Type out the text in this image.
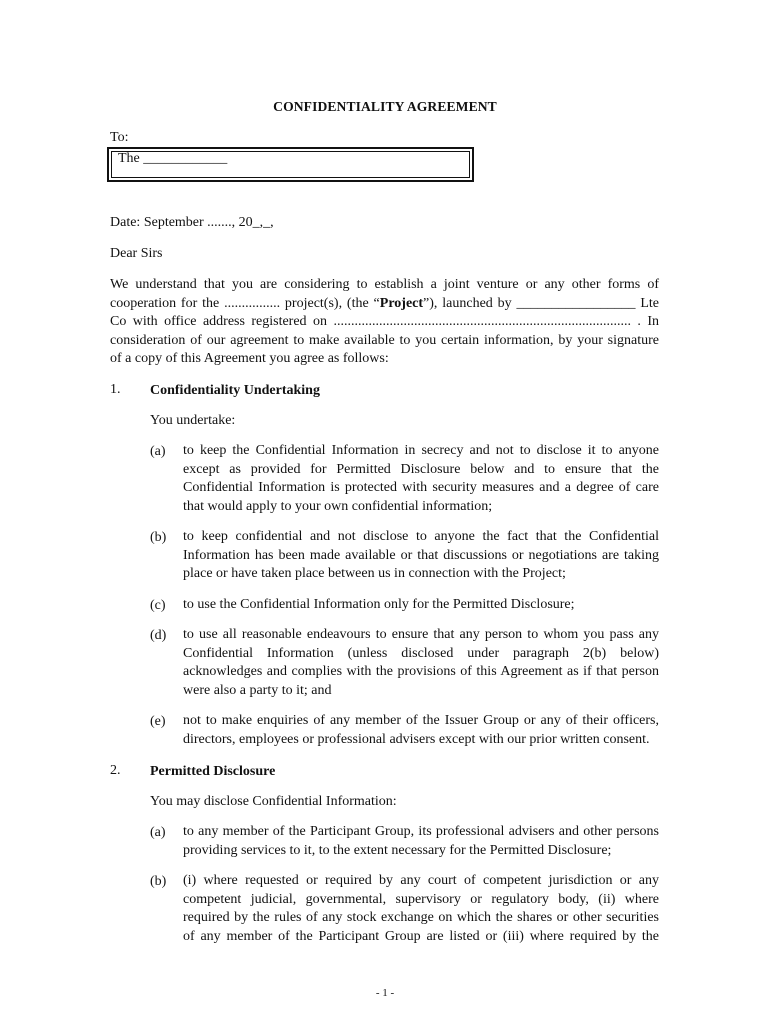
CONFIDENTIALITY AGREEMENT
To:
The ____________
Date: September ......., 20_,_,
Dear Sirs
We understand that you are considering to establish a joint venture or any other forms of
cooperation for the ................ project(s), (the “Project”), launched by _________________ Lte
Co with office address registered on ..................................................................................... . In
consideration of our agreement to make available to you certain information, by your signature
of a copy of this Agreement you agree as follows:
1. Confidentiality Undertaking
You undertake:
(a) to keep the Confidential Information in secrecy and not to disclose it to anyone
except as provided for Permitted Disclosure below and to ensure that the
Confidential Information is protected with security measures and a degree of care
that would apply to your own confidential information;
(b) to keep confidential and not disclose to anyone the fact that the Confidential
Information has been made available or that discussions or negotiations are taking
place or have taken place between us in connection with the Project;
(c) to use the Confidential Information only for the Permitted Disclosure;
(d) to use all reasonable endeavours to ensure that any person to whom you pass any
Confidential Information (unless disclosed under paragraph 2(b) below)
acknowledges and complies with the provisions of this Agreement as if that person
were also a party to it; and
(e) not to make enquiries of any member of the Issuer Group or any of their officers,
directors, employees or professional advisers except with our prior written consent.
2. Permitted Disclosure
You may disclose Confidential Information:
(a) to any member of the Participant Group, its professional advisers and other persons
providing services to it, to the extent necessary for the Permitted Disclosure;
(b) (i) where requested or required by any court of competent jurisdiction or any
competent judicial, governmental, supervisory or regulatory body, (ii) where
required by the rules of any stock exchange on which the shares or other securities
of any member of the Participant Group are listed or (iii) where required by the
- 1 -
